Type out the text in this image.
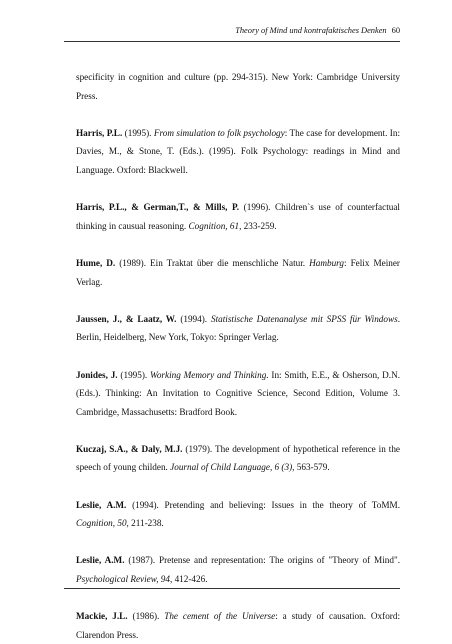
Theory of Mind und kontrafaktisches Denken 60

specificity in cognition and culture (pp. 294-315). New York: Cambridge University Press.

Harris, P.L. (1995). From simulation to folk psychology: The case for development. In: Davies, M., & Stone, T. (Eds.). (1995). Folk Psychology: readings in Mind and Language. Oxford: Blackwell.

Harris, P.L., & German,T., & Mills, P. (1996). Children`s use of counterfactual thinking in causual reasoning. Cognition, 61, 233-259.

Hume, D. (1989). Ein Traktat über die menschliche Natur. Hamburg: Felix Meiner Verlag.

Jaussen, J., & Laatz, W. (1994). Statistische Datenanalyse mit SPSS für Windows. Berlin, Heidelberg, New York, Tokyo: Springer Verlag.

Jonides, J. (1995). Working Memory and Thinking. In: Smith, E.E., & Osherson, D.N. (Eds.). Thinking: An Invitation to Cognitive Science, Second Edition, Volume 3. Cambridge, Massachusetts: Bradford Book.

Kuczaj, S.A., & Daly, M.J. (1979). The development of hypothetical reference in the speech of young childen. Journal of Child Language, 6 (3), 563-579.

Leslie, A.M. (1994). Pretending and believing: Issues in the theory of ToMM. Cognition, 50, 211-238.

Leslie, A.M. (1987). Pretense and representation: The origins of "Theory of Mind". Psychological Review, 94, 412-426.

Mackie, J.L. (1986). The cement of the Universe: a study of causation. Oxford: Clarendon Press.
